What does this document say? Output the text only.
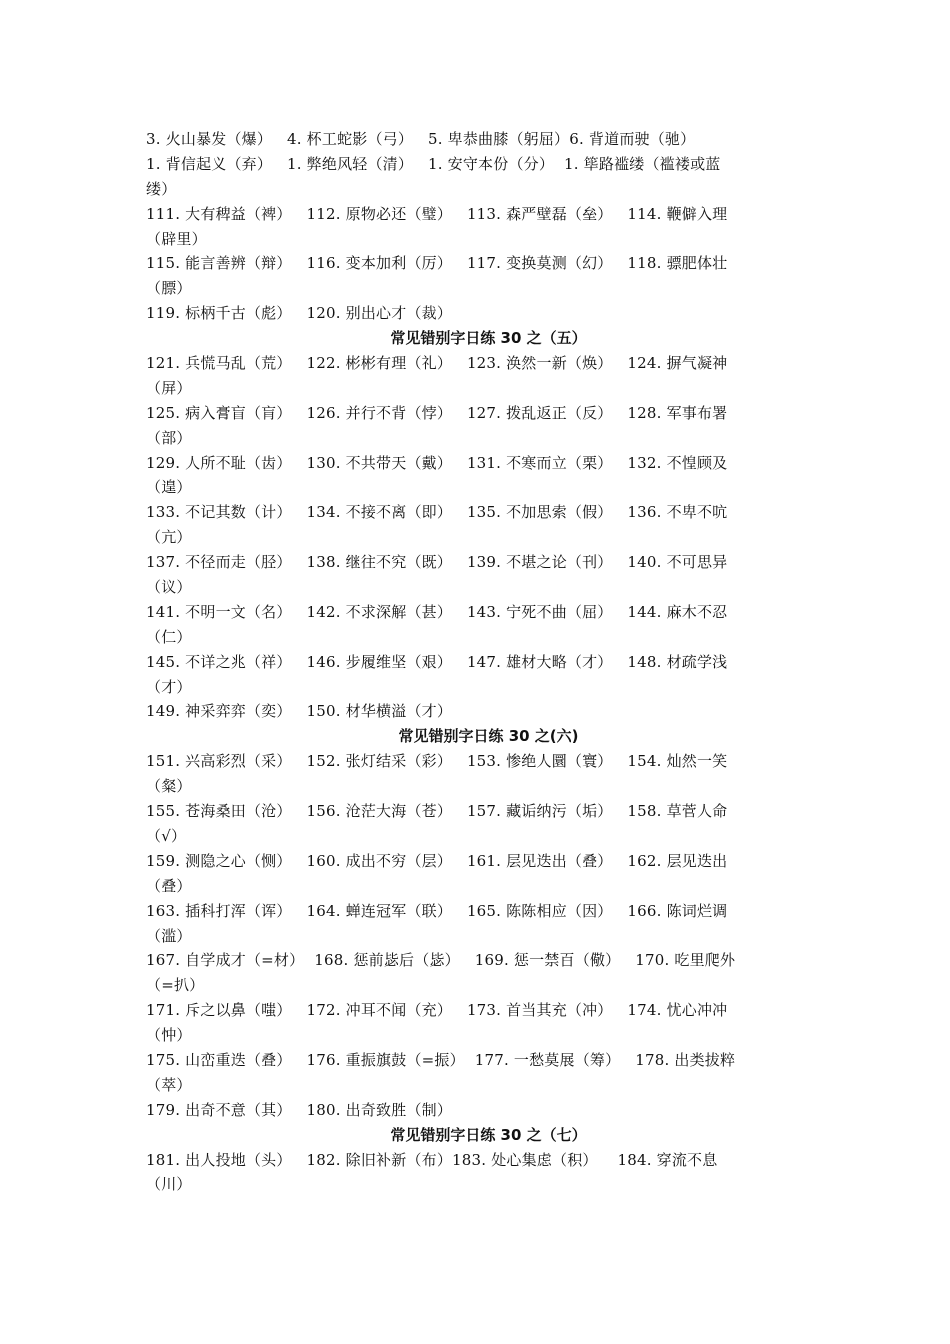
3. 火山暴发（爆）   4. 杯工蛇影（弓）   5. 卑恭曲膝（躬屈）6. 背道而驶（驰）
1. 背信起义（弃）   1. 弊绝风轻（清）   1. 安守本份（分）  1. 筚路褴缕（褴褛或蓝
缕）
111. 大有稗益（裨）   112. 原物必还（璧）   113. 森严壁磊（垒）   114. 鞭僻入理
（辟里）
115. 能言善辨（辩）   116. 变本加利（厉）   117. 变换莫测（幻）   118. 骠肥体壮
（膘）
119. 标柄千古（彪）   120. 别出心才（裁）
常见错别字日练 30 之（五）
121. 兵慌马乱（荒）   122. 彬彬有理（礼）   123. 涣然一新（焕）   124. 摒气凝神
（屏）
125. 病入膏盲（肓）   126. 并行不背（悖）   127. 拨乱返正（反）   128. 军事布署
（部）
129. 人所不耻（齿）   130. 不共带天（戴）   131. 不寒而立（栗）   132. 不惶顾及
（遑）
133. 不记其数（计）   134. 不接不离（即）   135. 不加思索（假）   136. 不卑不吭
（亢）
137. 不径而走（胫）   138. 继往不究（既）   139. 不堪之论（刊）   140. 不可思异
（议）
141. 不明一文（名）   142. 不求深解（甚）   143. 宁死不曲（屈）   144. 麻木不忍
（仁）
145. 不详之兆（祥）   146. 步履维坚（艰）   147. 雄材大略（才）   148. 材疏学浅
（才）
149. 神采弈弈（奕）   150. 材华横溢（才）
常见错别字日练 30 之(六)
151. 兴高彩烈（采）   152. 张灯结采（彩）   153. 惨绝人圜（寰）   154. 灿然一笑
（粲）
155. 苍海桑田（沧）   156. 沧茫大海（苍）   157. 藏诟纳污（垢）   158. 草菅人命
（√）
159. 测隐之心（恻）   160. 成出不穷（层）   161. 层见迭出（叠）   162. 层见迭出
（叠）
163. 插科打浑（诨）   164. 蝉连冠军（联）   165. 陈陈相应（因）   166. 陈词烂调
（滥）
167. 自学成才（=材）  168. 惩前毖后（毖）   169. 惩一禁百（儆）   170. 吃里爬外
（=扒）
171. 斥之以鼻（嗤）   172. 冲耳不闻（充）   173. 首当其充（冲）   174. 忧心冲冲
（忡）
175. 山峦重迭（叠）   176. 重振旗鼓（=振）  177. 一愁莫展（筹）   178. 出类拔粹
（萃）
179. 出奇不意（其）   180. 出奇致胜（制）
常见错别字日练 30 之（七）
181. 出人投地（头）   182. 除旧补新（布）183. 处心集虑（积）    184. 穿流不息
（川）
